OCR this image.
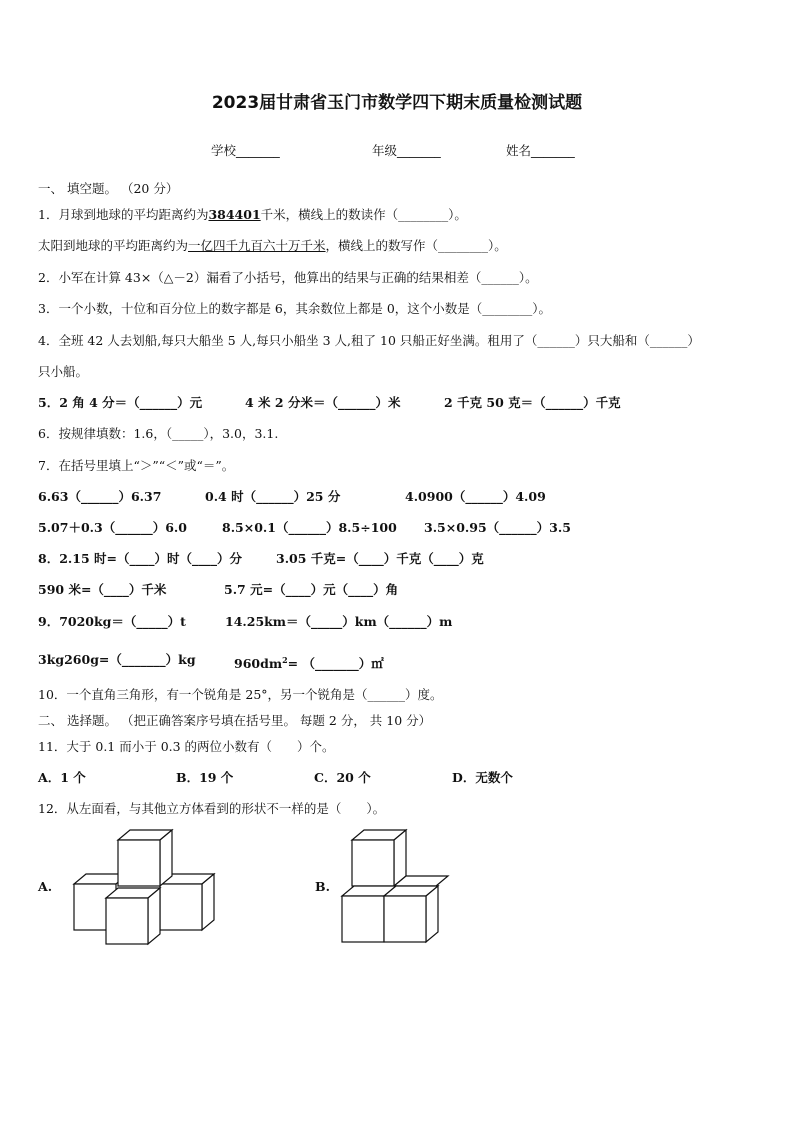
2023届甘肃省玉门市数学四下期末质量检测试题
学校_______	年级_______	姓名_______
一、 填空题。 （20 分）
1．月球到地球的平均距离约为384401千米，横线上的数读作（________）。
太阳到地球的平均距离约为一亿四千九百六十万千米，横线上的数写作（________）。
2．小军在计算 43×（△－2）漏看了小括号，他算出的结果与正确的结果相差（______）。
3．一个小数，十位和百分位上的数字都是 6，其余数位上都是 0，这个小数是（________）。
4．全班 42 人去划船,每只大船坐 5 人,每只小船坐 3 人,租了 10 只船正好坐满。租用了（______）只大船和（______）
只小船。
5．2 角 4 分＝（______）元	4 米 2 分米＝（______）米	2 千克 50 克＝（______）千克
6．按规律填数：1.6，（_____），3.0，3.1.
7．在括号里填上“＞”“＜”或“＝”。
6.63（______）6.37	0.4 时（______）25 分	4.0900（______）4.09
5.07＋0.3（______）6.0	8.5×0.1（______）8.5÷100 3.5×0.95（______）3.5
8．2.15 时=（____）时（____）分	3.05 千克=（____）千克（____）克
590 米=（____）千米	5.7 元=（____）元（____）角
9．7020kg＝（_____）t	14.25km＝（_____）km（______）m
3kg260g=（_______）kg	$960dm^2=$ （_______）㎡
10．一个直角三角形，有一个锐角是 25°，另一个锐角是（______）度。
二、 选择题。 （把正确答案序号填在括号里。 每题 2 分， 共 10 分）
11．大于 0.1 而小于 0.3 的两位小数有（　　）个。
A．1 个	B．19 个	C．20 个	D．无数个
12．从左面看，与其他立方体看到的形状不一样的是（　　）。
A.	B.
